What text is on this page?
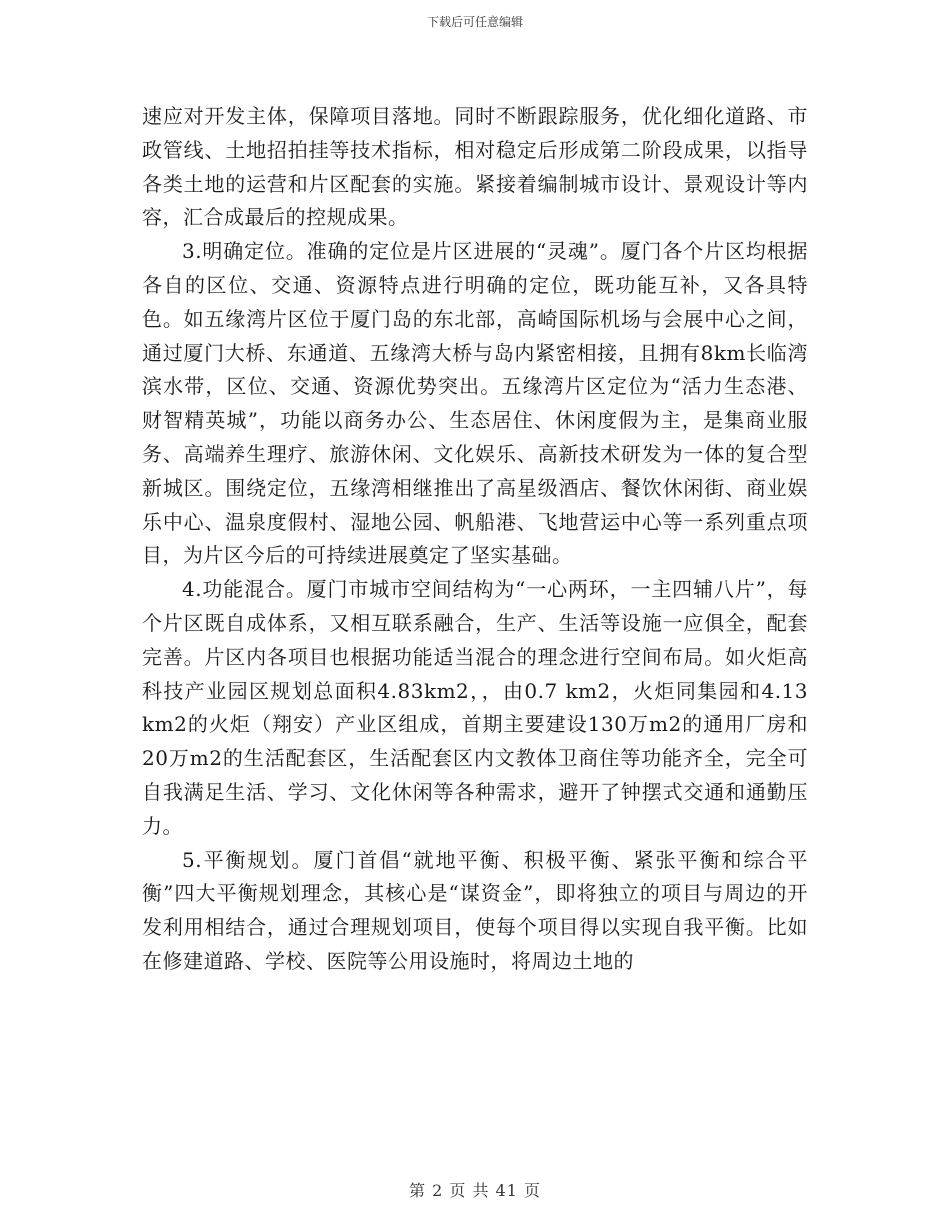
下载后可任意编辑

速应对开发主体，保障项目落地。同时不断跟踪服务，优化细化道路、市政管线、土地招拍挂等技术指标，相对稳定后形成第二阶段成果，以指导各类土地的运营和片区配套的实施。紧接着编制城市设计、景观设计等内容，汇合成最后的控规成果。

3.明确定位。准确的定位是片区进展的“灵魂”。厦门各个片区均根据各自的区位、交通、资源特点进行明确的定位，既功能互补，又各具特色。如五缘湾片区位于厦门岛的东北部，高崎国际机场与会展中心之间，通过厦门大桥、东通道、五缘湾大桥与岛内紧密相接，且拥有8km长临湾滨水带，区位、交通、资源优势突出。五缘湾片区定位为“活力生态港、财智精英城”，功能以商务办公、生态居住、休闲度假为主，是集商业服务、高端养生理疗、旅游休闲、文化娱乐、高新技术研发为一体的复合型新城区。围绕定位，五缘湾相继推出了高星级酒店、餐饮休闲街、商业娱乐中心、温泉度假村、湿地公园、帆船港、飞地营运中心等一系列重点项目，为片区今后的可持续进展奠定了坚实基础。

4.功能混合。厦门市城市空间结构为“一心两环，一主四辅八片”，每个片区既自成体系，又相互联系融合，生产、生活等设施一应俱全，配套完善。片区内各项目也根据功能适当混合的理念进行空间布局。如火炬高科技产业园区规划总面积4.83km2，，由0.7 km2，火炬同集园和4.13 km2的火炬（翔安）产业区组成，首期主要建设130万m2的通用厂房和20万m2的生活配套区，生活配套区内文教体卫商住等功能齐全，完全可自我满足生活、学习、文化休闲等各种需求，避开了钟摆式交通和通勤压力。

5.平衡规划。厦门首倡“就地平衡、积极平衡、紧张平衡和综合平衡”四大平衡规划理念，其核心是“谋资金”，即将独立的项目与周边的开发利用相结合，通过合理规划项目，使每个项目得以实现自我平衡。比如在修建道路、学校、医院等公用设施时，将周边土地的

第 2 页 共 41 页
